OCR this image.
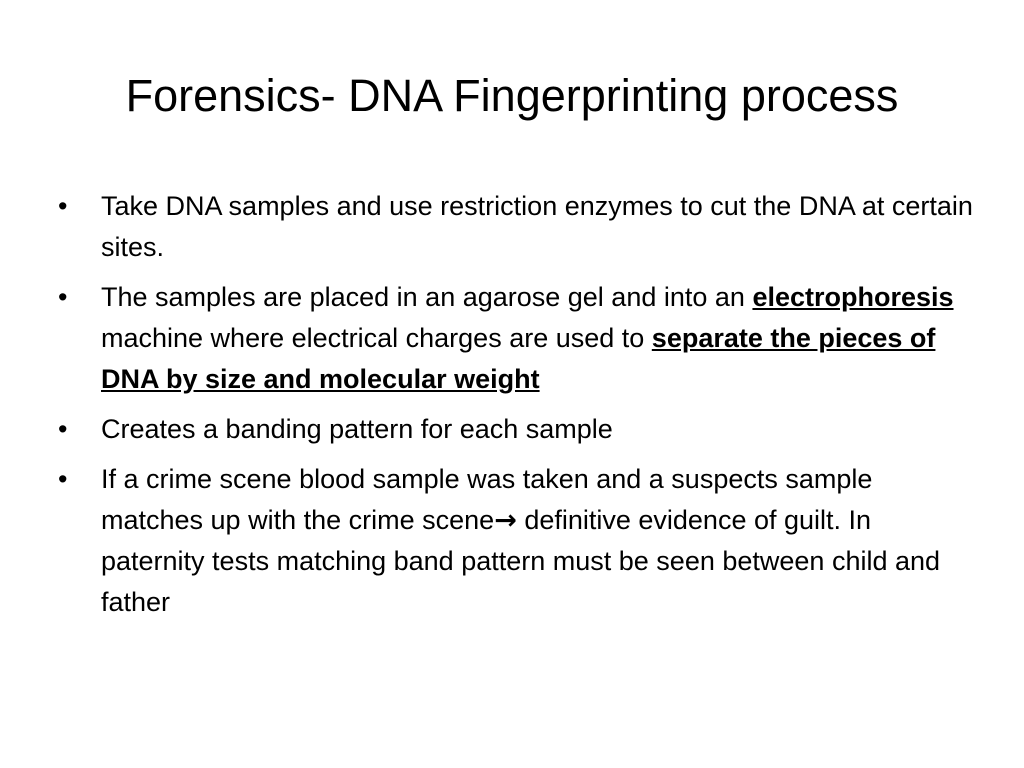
Forensics- DNA Fingerprinting process
•	Take DNA samples and use restriction enzymes to cut the DNA at certain sites.
•	The samples are placed in an agarose gel and into an electrophoresis machine where electrical charges are used to separate the pieces of DNA by size and molecular weight
•	Creates a banding pattern for each sample
•	If a crime scene blood sample was taken and a suspects sample matches up with the crime scene→ definitive evidence of guilt. In paternity tests matching band pattern must be seen between child and father
